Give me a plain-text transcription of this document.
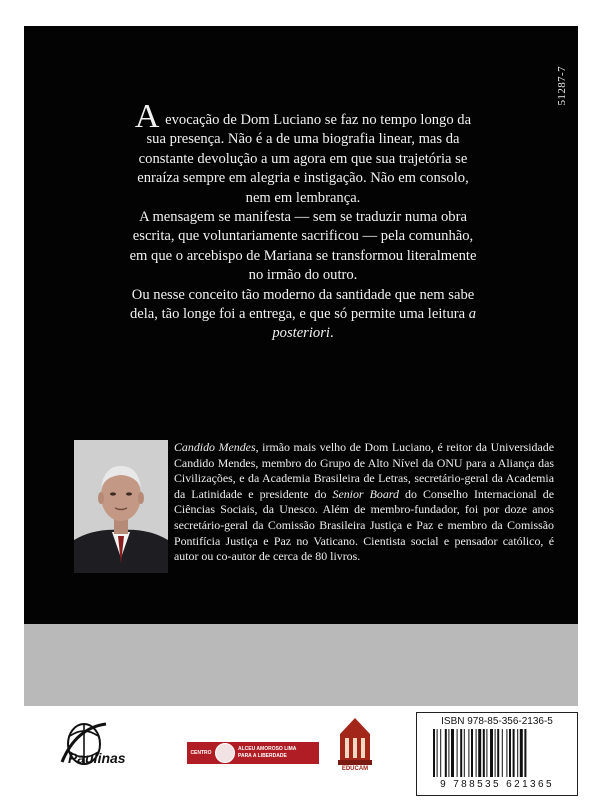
51287-7

A evocação de Dom Luciano se faz no tempo longo da sua presença. Não é a de uma biografia linear, mas da constante devolução a um agora em que sua trajetória se enraíza sempre em alegria e instigação. Não em consolo, nem em lembrança.

A mensagem se manifesta — sem se traduzir numa obra escrita, que voluntariamente sacrificou — pela comunhão, em que o arcebispo de Mariana se transformou literalmente no irmão do outro.

Ou nesse conceito tão moderno da santidade que nem sabe dela, tão longe foi a entrega, e que só permite uma leitura a posteriori.

Candido Mendes, irmão mais velho de Dom Luciano, é reitor da Universidade Candido Mendes, membro do Grupo de Alto Nível da ONU para a Aliança das Civilizações, e da Academia Brasileira de Letras, secretário-geral da Academia da Latinidade e presidente do Senior Board do Conselho Internacional de Ciências Sociais, da Unesco. Além de membro-fundador, foi por doze anos secretário-geral da Comissão Brasileira Justiça e Paz e membro da Comissão Pontifícia Justiça e Paz no Vaticano. Cientista social e pensador católico, é autor ou co-autor de cerca de 80 livros.

Paulinas	CENTRO
ALCEU AMOROSO LIMA
PARA A LIBERDADE
EDUCAM
ISBN 978-85-356-2136-5
9 788535 621365
